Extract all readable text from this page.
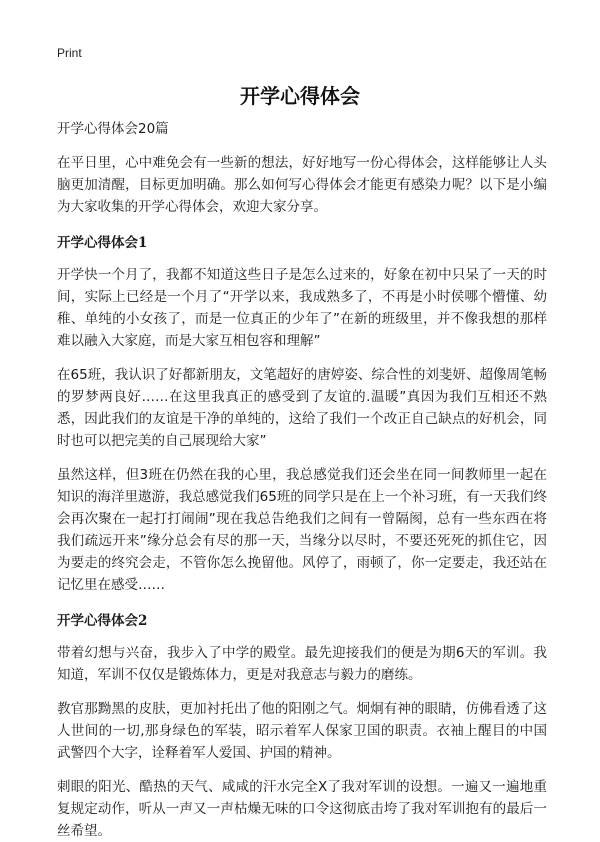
Print
开学心得体会

开学心得体会20篇

在平日里，心中难免会有一些新的想法，好好地写一份心得体会，这样能够让人头脑更加清醒，目标更加明确。那么如何写心得体会才能更有感染力呢？以下是小编为大家收集的开学心得体会，欢迎大家分享。

开学心得体会1

开学快一个月了，我都不知道这些日子是怎么过来的，好象在初中只呆了一天的时间，实际上已经是一个月了“开学以来，我成熟多了，不再是小时侯哪个懵懂、幼稚、单纯的小女孩了，而是一位真正的少年了”在新的班级里，并不像我想的那样难以融入大家庭，而是大家互相包容和理解”

在65班，我认识了好都新朋友，文笔超好的唐婷姿、综合性的刘斐妍、超像周笔畅的罗梦两良好……在这里我真正的感受到了友谊的.温暖”真因为我们互相还不熟悉，因此我们的友谊是干净的单纯的，这给了我们一个改正自己缺点的好机会，同时也可以把完美的自己展现给大家”

虽然这样，但3班在仍然在我的心里，我总感觉我们还会坐在同一间教师里一起在知识的海洋里遨游，我总感觉我们65班的同学只是在上一个补习班，有一天我们终会再次聚在一起打打闹闹”现在我总告绝我们之间有一曾隔阂，总有一些东西在将我们疏远开来”缘分总会有尽的那一天，当缘分以尽时，不要还死死的抓住它，因为要走的终究会走，不管你怎么挽留他。风停了，雨顿了，你一定要走，我还站在记忆里在感受……

开学心得体会2

带着幻想与兴奋，我步入了中学的殿堂。最先迎接我们的便是为期6天的军训。我知道，军训不仅仅是锻炼体力，更是对我意志与毅力的磨练。

教官那黝黑的皮肤，更加衬托出了他的阳刚之气。炯炯有神的眼睛，仿佛看透了这人世间的一切,那身绿色的军装，昭示着军人保家卫国的职责。衣袖上醒目的中国武警四个大字，诠释着军人爱国、护国的精神。

刺眼的阳光、酷热的天气、咸咸的汗水完全X了我对军训的设想。一遍又一遍地重复规定动作，听从一声又一声枯燥无味的口令这彻底击垮了我对军训抱有的最后一丝希望。
